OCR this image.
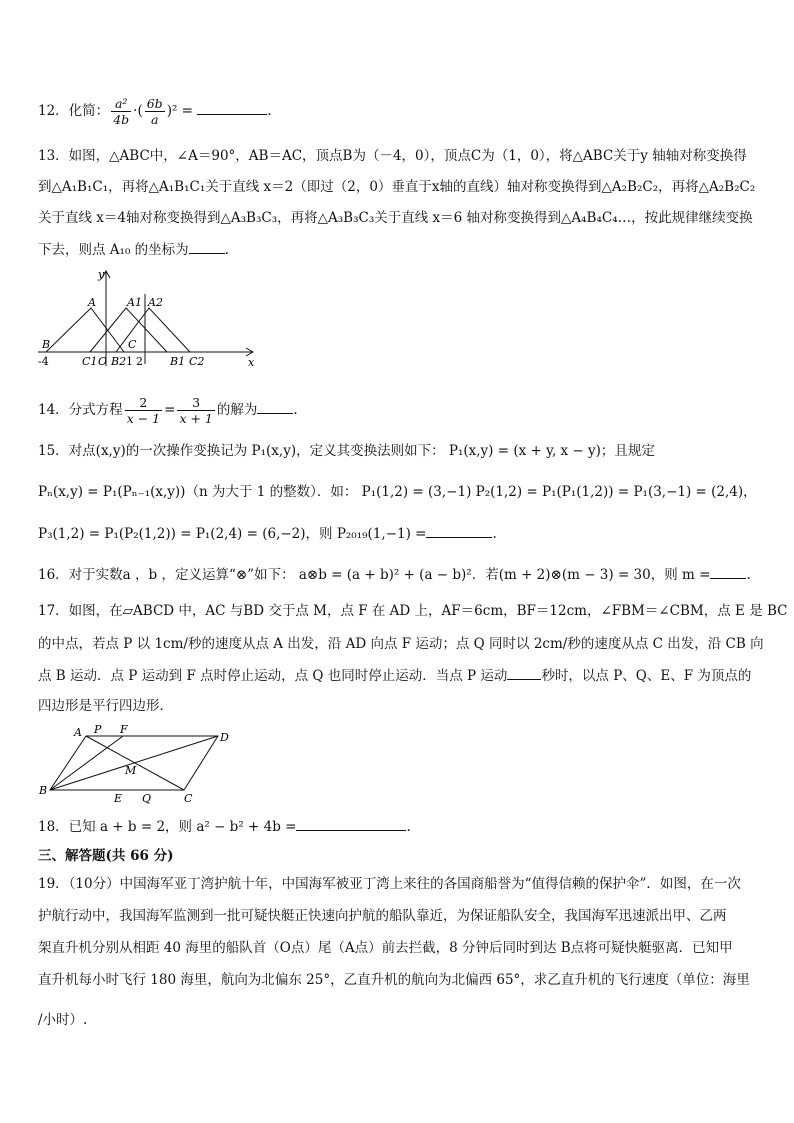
12．化简： $\frac{\text{a²}}{4b}$ ·( $\frac{6b}{a} )^2$ =	.
13．如图，△ABC中，∠A＝90°，AB＝AC，顶点B为（－4，0），顶点C为（1，0），将△ABC关于y 轴轴对称变换得
到△A₁B₁C₁，再将△A₁B₁C₁关于直线 x＝2（即过（2，0）垂直于x轴的直线）轴对称变换得到△A₂B₂C₂，再将△A₂B₂C₂
关于直线 x＝4轴对称变换得到△A₃B₃C₃，再将△A₃B₃C₃关于直线 x＝6 轴对称变换得到△A₄B₄C₄…，按此规律继续变换
下去，则点 A₁₀ 的坐标为	.
A	A1 A2
y
x
B	C
-4	C1 O B2 1 2 B1 C2
14．分式方程 $\frac{2}{x - 1} = \frac{3}{x + 1}$ 的解为	.
15．对点(x,y)的一次操作变换记为 P₁(x,y)，定义其变换法则如下： P₁(x,y) = (x + y, x − y)；且规定
Pₙ(x,y) = P₁(Pₙ₋₁(x,y))（n 为大于 1 的整数）．如： P₁(1,2) = (3,−1) P₂(1,2) = P₁(P₁(1,2)) = P₁(3,−1) = (2,4)，
P₃(1,2) = P₁(P₂(1,2)) = P₁(2,4) = (6,−2)，则 P₂₀₁₉(1,−1) =	.
16．对于实数a ，b ，定义运算“⊗”如下： a⊗b = (a + b)² + (a − b)²．若(m + 2)⊗(m − 3) = 30，则 m =	.
17．如图，在▱ABCD 中，AC 与BD 交于点 M，点 F 在 AD 上，AF＝6cm，BF＝12cm，∠FBM＝∠CBM，点 E 是 BC
的中点，若点 P 以 1cm/秒的速度从点 A 出发，沿 AD 向点 F 运动；点 Q 同时以 2cm/秒的速度从点 C 出发，沿 CB 向
点 B 运动．点 P 运动到 F 点时停止运动，点 Q 也同时停止运动．当点 P 运动	秒时，以点 P、Q、E、F 为顶点的
四边形是平行四边形．
A P F
D
M
B
E Q	C
18．已知 a + b = 2，则 a² − b² + 4b =	.
三、解答题(共 66 分)
19．（10分）中国海军亚丁湾护航十年，中国海军被亚丁湾上来往的各国商船誉为“值得信赖的保护伞”．如图，在一次
护航行动中，我国海军监测到一批可疑快艇正快速向护航的船队靠近，为保证船队安全，我国海军迅速派出甲、乙两
架直升机分别从相距 40 海里的船队首（O点）尾（A点）前去拦截，8 分钟后同时到达 B点将可疑快艇驱离．已知甲
直升机每小时飞行 180 海里，航向为北偏东 25°，乙直升机的航向为北偏西 65°，求乙直升机的飞行速度（单位：海里
/小时）.
